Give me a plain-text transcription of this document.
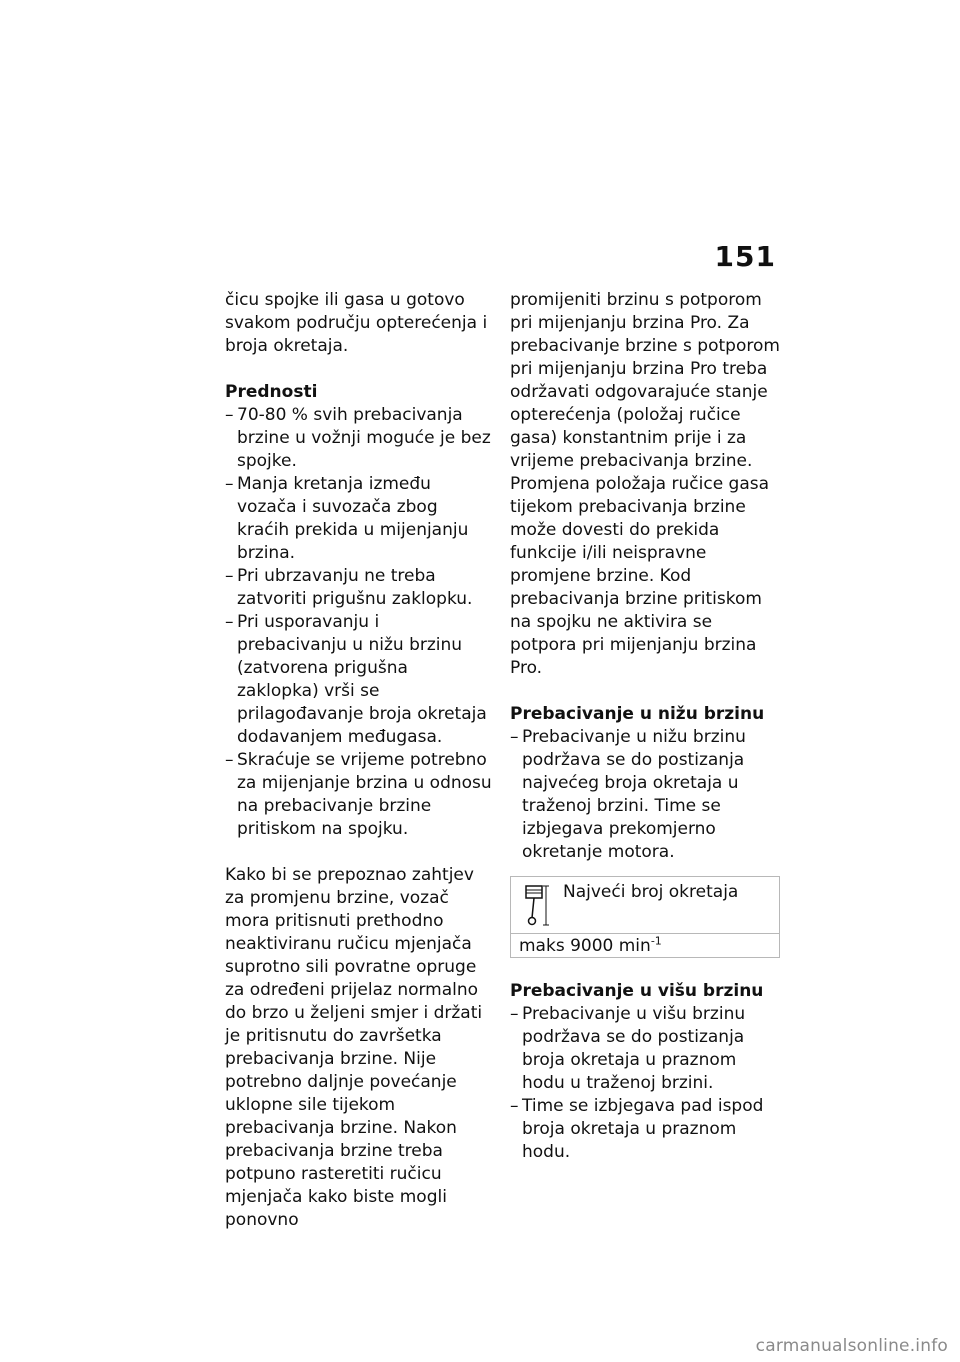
151

čicu spojke ili gasa u gotovo svakom području opterećenja i broja okretaja.

Prednosti

– 70-80 % svih prebacivanja brzine u vožnji moguće je bez spojke.
– Manja kretanja između vozača i suvozača zbog kraćih prekida u mijenjanju brzina.
– Pri ubrzavanju ne treba zatvoriti prigušnu zaklopku.
– Pri usporavanju i prebacivanju u nižu brzinu (zatvorena prigušna zaklopka) vrši se prilagođavanje broja okretaja dodavanjem međugasa.
– Skraćuje se vrijeme potrebno za mijenjanje brzina u odnosu na prebacivanje brzine pritiskom na spojku.

Kako bi se prepoznao zahtjev za promjenu brzine, vozač mora pritisnuti prethodno neaktiviranu ručicu mjenjača suprotno sili povratne opruge za određeni prijelaz normalno do brzo u željeni smjer i držati je pritisnutu do završetka prebacivanja brzine. Nije potrebno daljnje povećanje uklopne sile tijekom prebacivanja brzine. Nakon prebacivanja brzine treba potpuno rasteretiti ručicu mjenjača kako biste mogli ponovno

promijeniti brzinu s potporom pri mijenjanju brzina Pro. Za prebacivanje brzine s potporom pri mijenjanju brzina Pro treba održavati odgovarajuće stanje opterećenja (položaj ručice gasa) konstantnim prije i za vrijeme prebacivanja brzine. Promjena položaja ručice gasa tijekom prebacivanja brzine može dovesti do prekida funkcije i/ili neispravne promjene brzine. Kod prebacivanja brzine pritiskom na spojku ne aktivira se potpora pri mijenjanju brzina Pro.

Prebacivanje u nižu brzinu

– Prebacivanje u nižu brzinu podržava se do postizanja najvećeg broja okretaja u traženoj brzini. Time se izbjegava prekomjerno okretanje motora.
Najveći broj okretaja
maks 9000 $\min^{-1}$

Prebacivanje u višu brzinu

– Prebacivanje u višu brzinu podržava se do postizanja broja okretaja u praznom hodu u traženoj brzini.
– Time se izbjegava pad ispod broja okretaja u praznom hodu.
carmanualsonline.info
